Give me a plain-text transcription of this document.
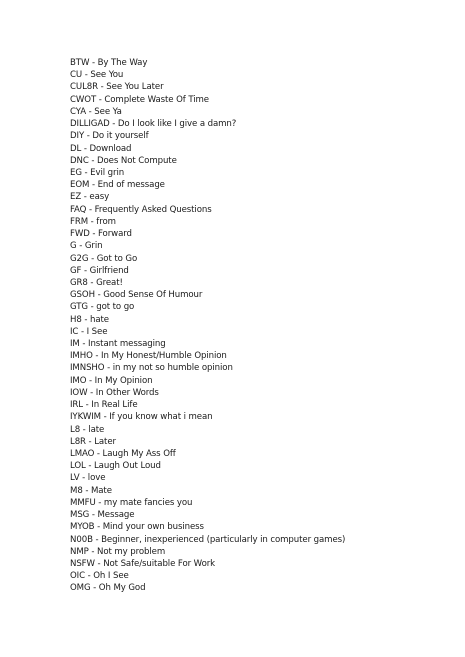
BTW - By The Way
CU - See You
CUL8R - See You Later
CWOT - Complete Waste Of Time
CYA - See Ya
DILLIGAD - Do I look like I give a damn?
DIY - Do it yourself
DL - Download
DNC - Does Not Compute
EG - Evil grin
EOM - End of message
EZ - easy
FAQ - Frequently Asked Questions
FRM - from
FWD - Forward
G - Grin
G2G - Got to Go
GF - Girlfriend
GR8 - Great!
GSOH - Good Sense Of Humour
GTG - got to go
H8 - hate
IC - I See
IM - Instant messaging
IMHO - In My Honest/Humble Opinion
IMNSHO - in my not so humble opinion
IMO - In My Opinion
IOW - In Other Words
IRL - In Real Life
IYKWIM - If you know what i mean
L8 - late
L8R - Later
LMAO - Laugh My Ass Off
LOL - Laugh Out Loud
LV - love
M8 - Mate
MMFU - my mate fancies you
MSG - Message
MYOB - Mind your own business
N00B - Beginner, inexperienced (particularly in computer games)
NMP - Not my problem
NSFW - Not Safe/suitable For Work
OIC - Oh I See
OMG - Oh My God
